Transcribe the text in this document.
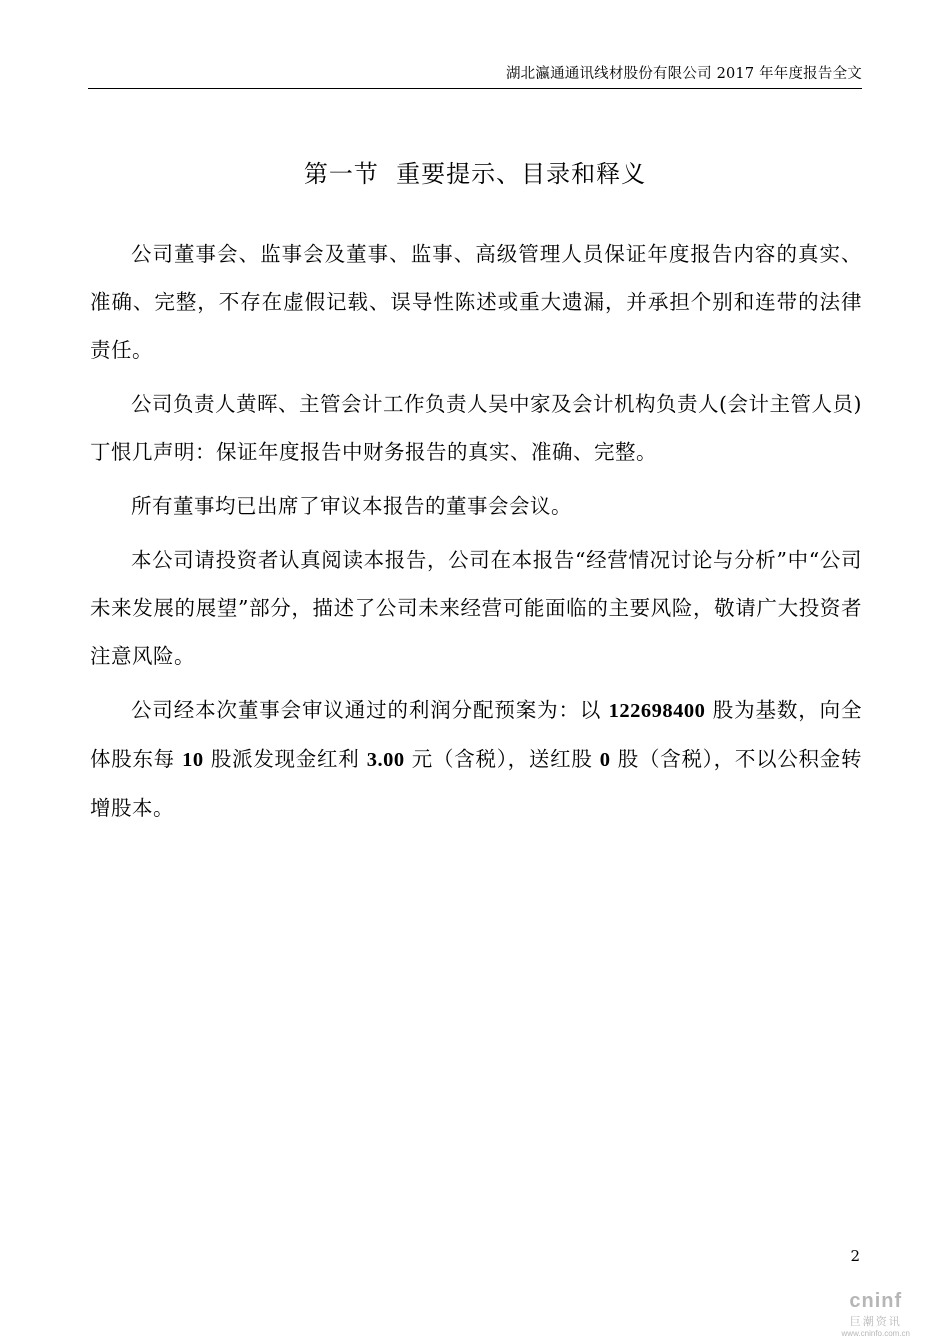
湖北瀛通通讯线材股份有限公司 2017 年年度报告全文
第一节  重要提示、目录和释义

公司董事会、监事会及董事、监事、高级管理人员保证年度报告内容的真实、准确、完整，不存在虚假记载、误导性陈述或重大遗漏，并承担个别和连带的法律责任。

公司负责人黄晖、主管会计工作负责人吴中家及会计机构负责人(会计主管人员)丁恨几声明：保证年度报告中财务报告的真实、准确、完整。

所有董事均已出席了审议本报告的董事会会议。

本公司请投资者认真阅读本报告，公司在本报告“经营情况讨论与分析”中“公司未来发展的展望”部分，描述了公司未来经营可能面临的主要风险，敬请广大投资者注意风险。

公司经本次董事会审议通过的利润分配预案为：以 122698400 股为基数，向全体股东每 10 股派发现金红利 3.00 元（含税），送红股 0 股（含税），不以公积金转增股本。

2
cninf
巨潮资讯
www.cninfo.com.cn
